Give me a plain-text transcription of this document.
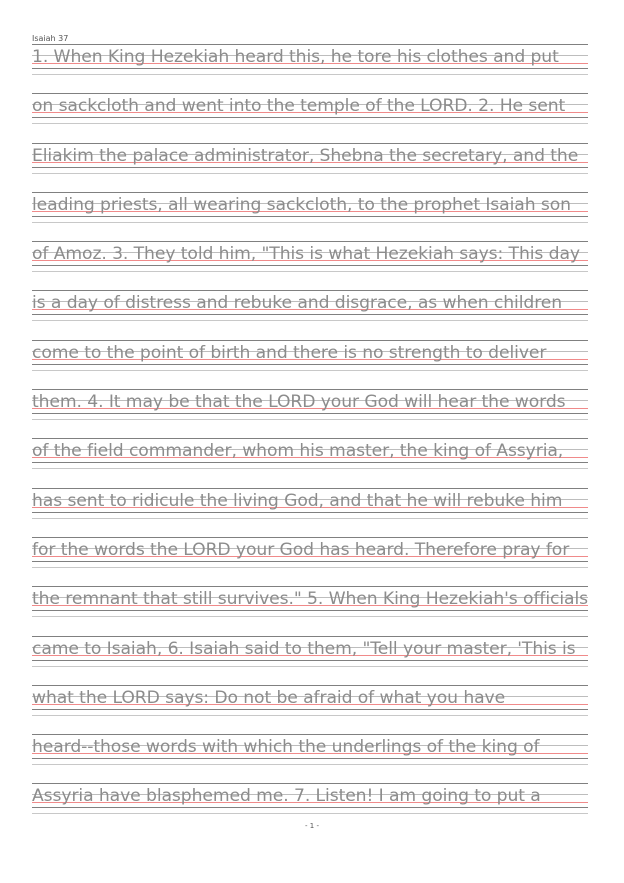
Isaiah 37
1. When King Hezekiah heard this, he tore his clothes and put
on sackcloth and went into the temple of the LORD. 2. He sent
Eliakim the palace administrator, Shebna the secretary, and the
leading priests, all wearing sackcloth, to the prophet Isaiah son
of Amoz. 3. They told him, "This is what Hezekiah says: This day
is a day of distress and rebuke and disgrace, as when children
come to the point of birth and there is no strength to deliver
them. 4. It may be that the LORD your God will hear the words
of the field commander, whom his master, the king of Assyria,
has sent to ridicule the living God, and that he will rebuke him
for the words the LORD your God has heard. Therefore pray for
the remnant that still survives." 5. When King Hezekiah's officials
came to Isaiah, 6. Isaiah said to them, "Tell your master, 'This is
what the LORD says: Do not be afraid of what you have
heard--those words with which the underlings of the king of
Assyria have blasphemed me. 7. Listen! I am going to put a
- 1 -
